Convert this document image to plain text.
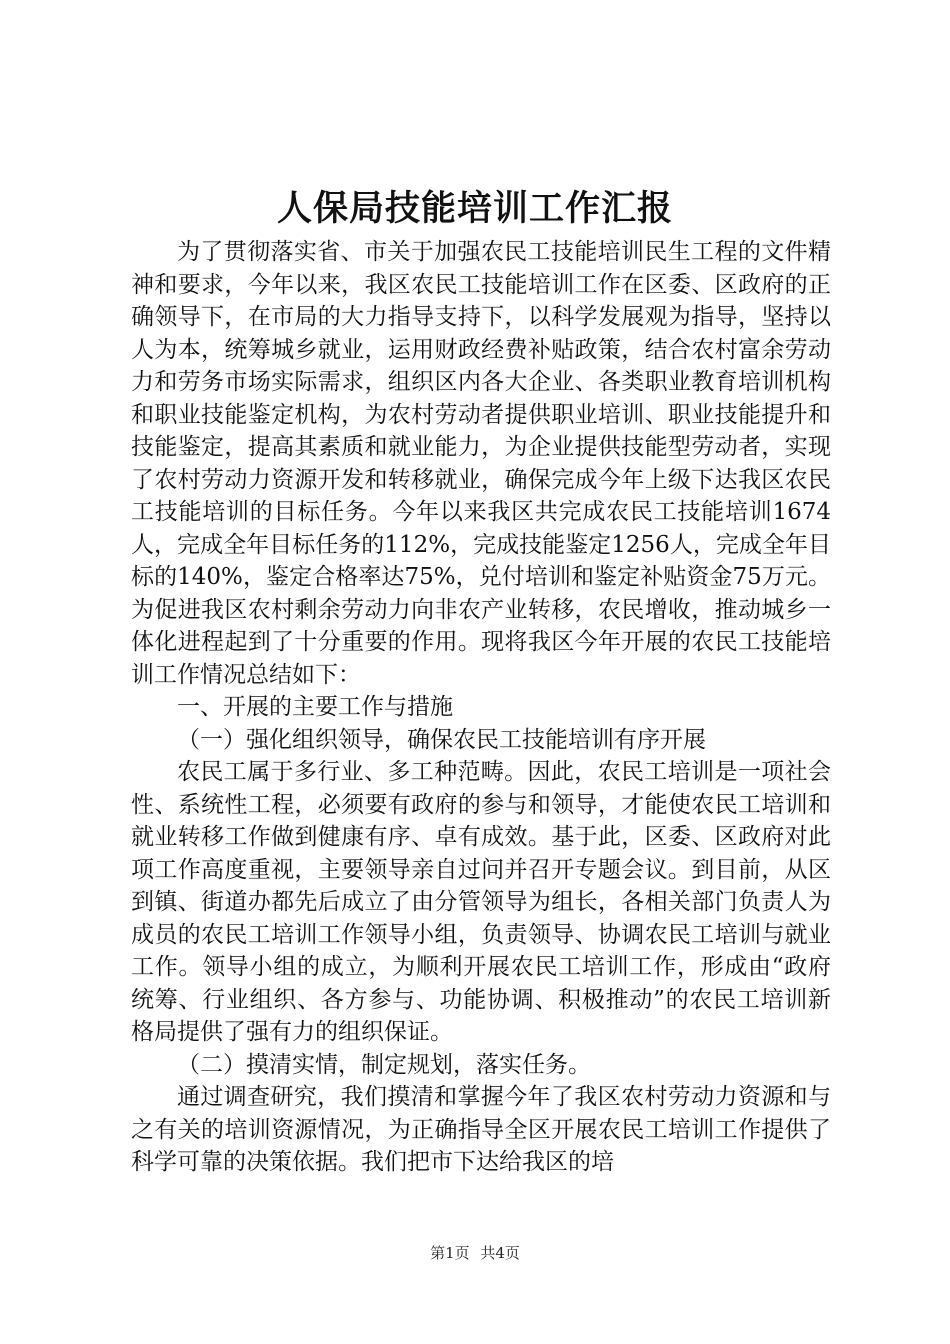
人保局技能培训工作汇报

为了贯彻落实省、市关于加强农民工技能培训民生工程的文件精神和要求，今年以来，我区农民工技能培训工作在区委、区政府的正确领导下，在市局的大力指导支持下，以科学发展观为指导，坚持以人为本，统筹城乡就业，运用财政经费补贴政策，结合农村富余劳动力和劳务市场实际需求，组织区内各大企业、各类职业教育培训机构和职业技能鉴定机构，为农村劳动者提供职业培训、职业技能提升和技能鉴定，提高其素质和就业能力，为企业提供技能型劳动者，实现了农村劳动力资源开发和转移就业，确保完成今年上级下达我区农民工技能培训的目标任务。今年以来我区共完成农民工技能培训1674人，完成全年目标任务的112%，完成技能鉴定1256人，完成全年目标的140%，鉴定合格率达75%，兑付培训和鉴定补贴资金75万元。为促进我区农村剩余劳动力向非农产业转移，农民增收，推动城乡一体化进程起到了十分重要的作用。现将我区今年开展的农民工技能培训工作情况总结如下：

一、开展的主要工作与措施

（一）强化组织领导，确保农民工技能培训有序开展

农民工属于多行业、多工种范畴。因此，农民工培训是一项社会性、系统性工程，必须要有政府的参与和领导，才能使农民工培训和就业转移工作做到健康有序、卓有成效。基于此，区委、区政府对此项工作高度重视，主要领导亲自过问并召开专题会议。到目前，从区到镇、街道办都先后成立了由分管领导为组长，各相关部门负责人为成员的农民工培训工作领导小组，负责领导、协调农民工培训与就业工作。领导小组的成立，为顺利开展农民工培训工作，形成由“政府统筹、行业组织、各方参与、功能协调、积极推动”的农民工培训新格局提供了强有力的组织保证。

（二）摸清实情，制定规划，落实任务。

通过调查研究，我们摸清和掌握今年了我区农村劳动力资源和与之有关的培训资源情况，为正确指导全区开展农民工培训工作提供了科学可靠的决策依据。我们把市下达给我区的培

第1页 共4页
